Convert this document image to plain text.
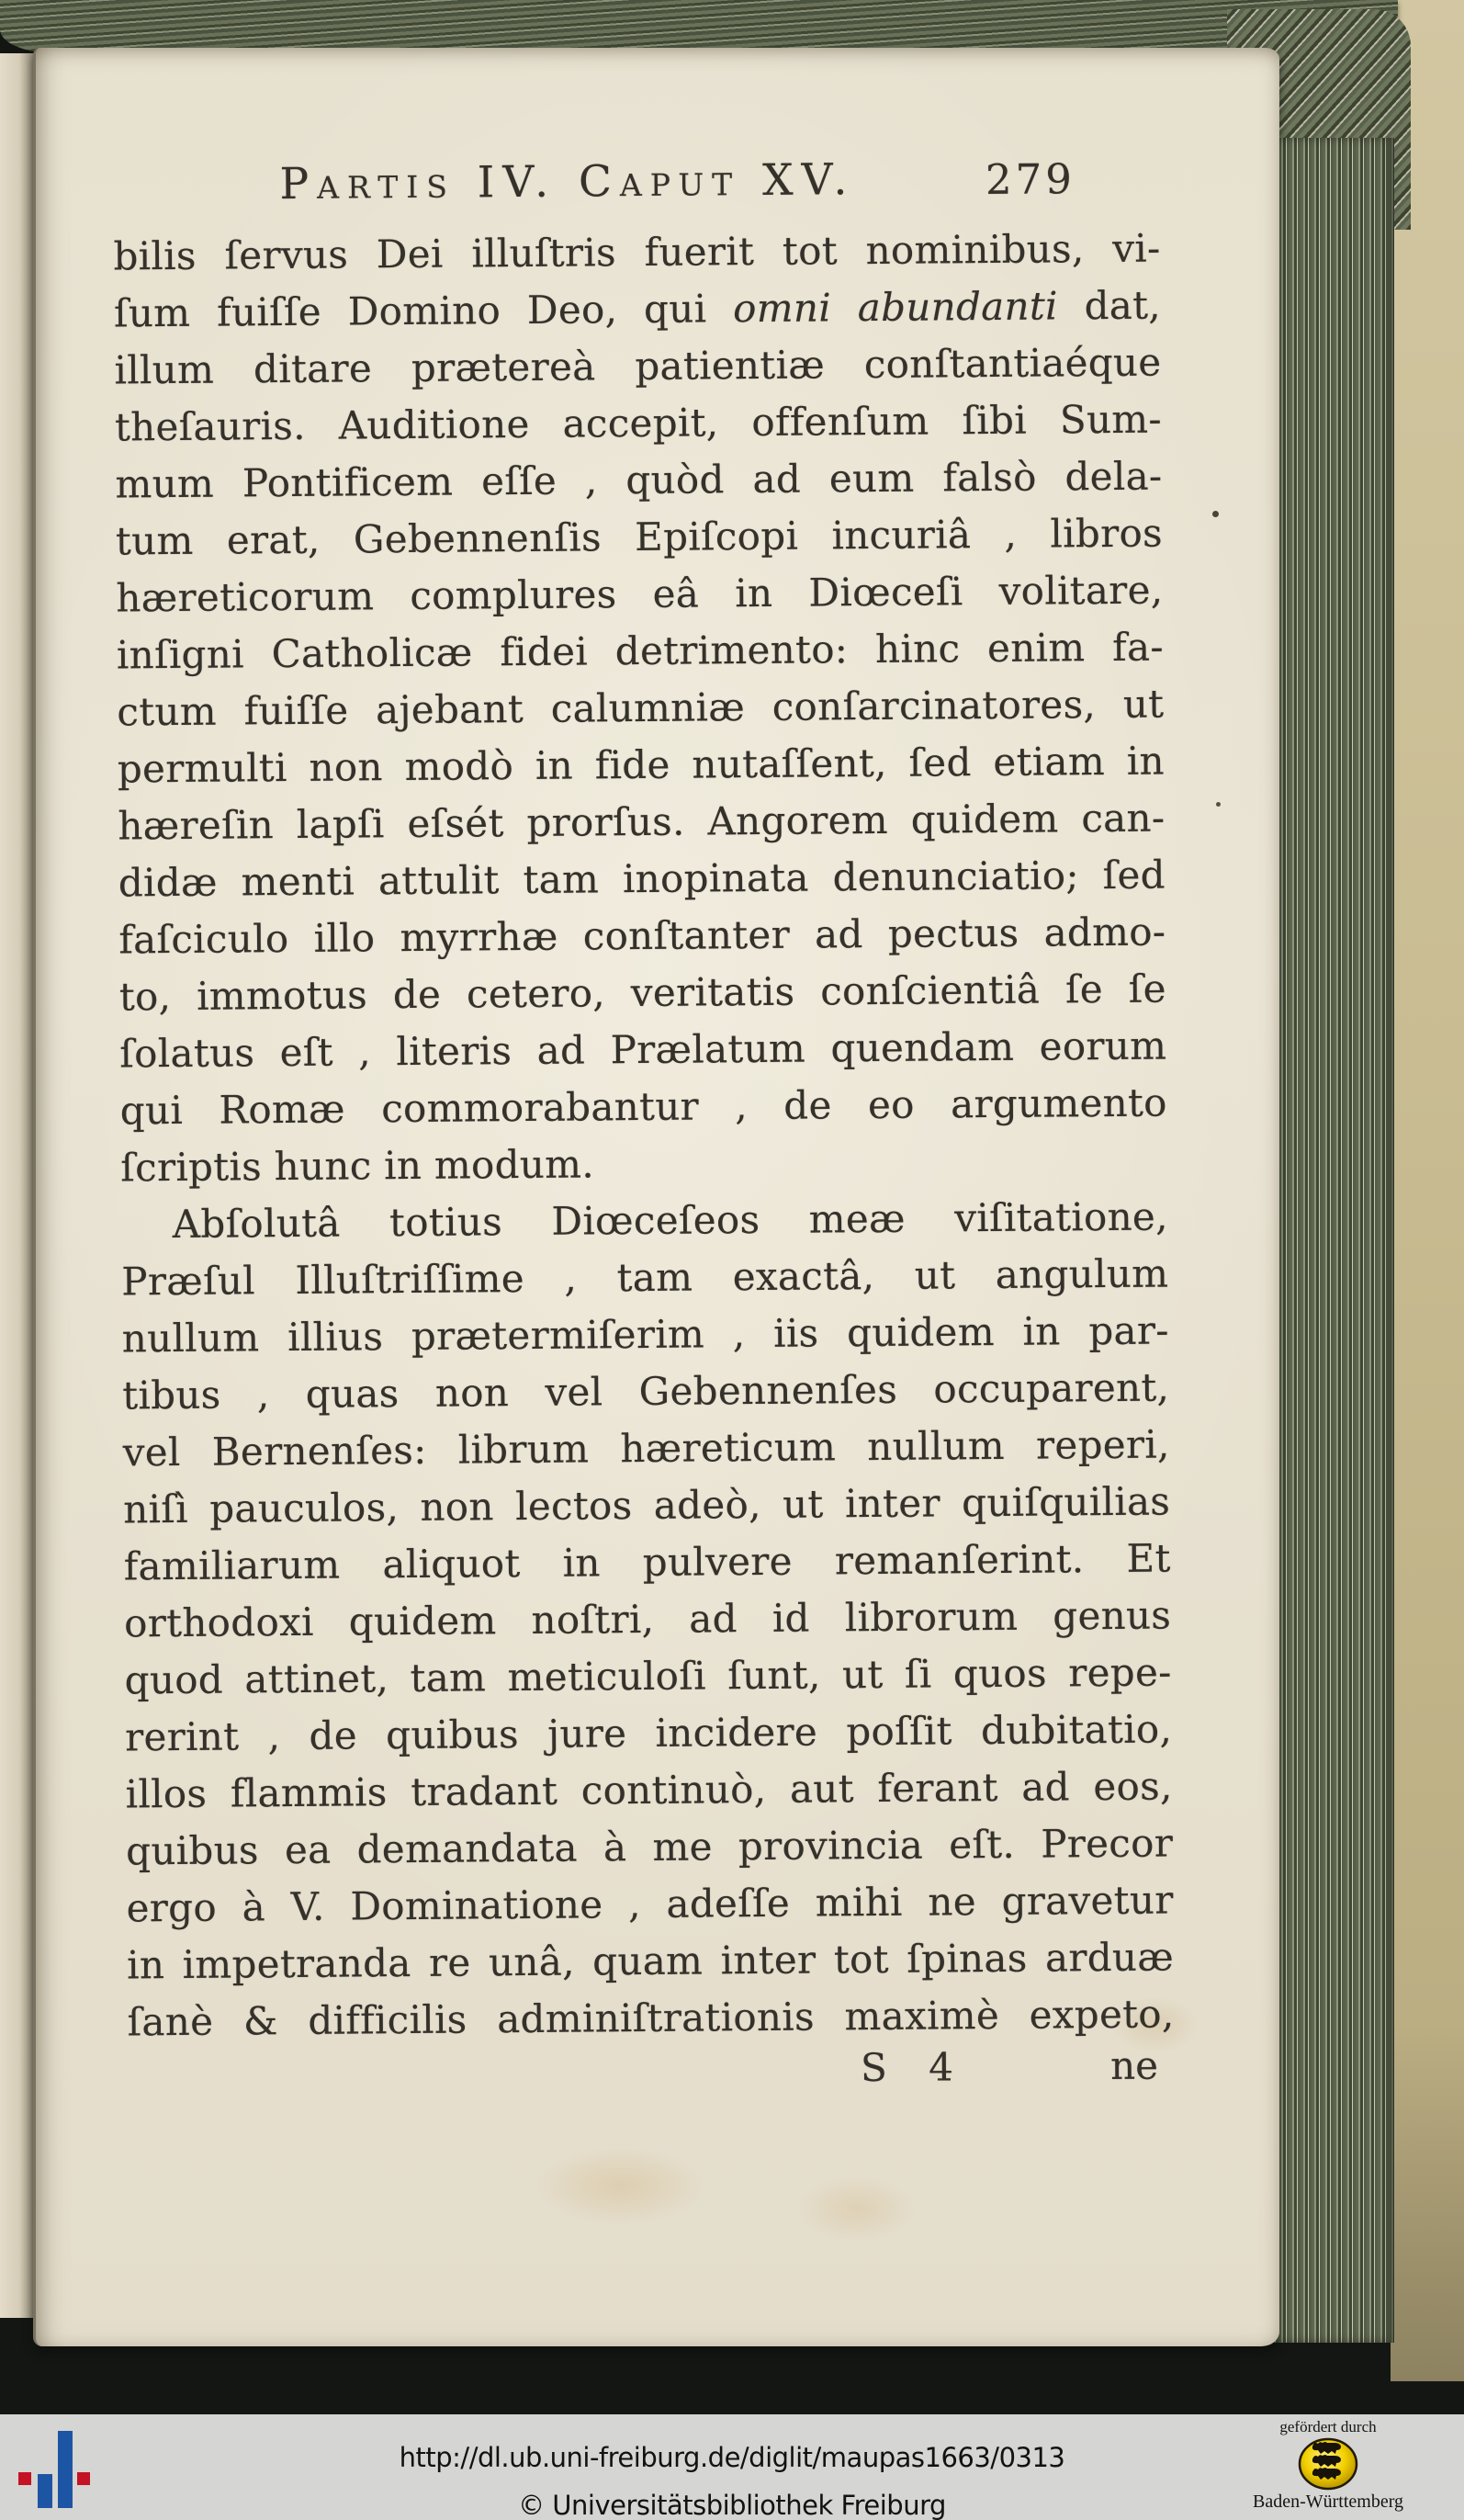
Partis IV. Caput XV.	279
bilis ſervus Dei illuſtris fuerit tot nominibus, vi-
ſum fuiſſe Domino Deo, qui omni abundanti dat,
illum ditare prætereà patientiæ conſtantiaéque
theſauris. Auditione accepit, offenſum ſibi Sum-
mum Pontificem eſſe , quòd ad eum falsò dela-
tum erat, Gebennenſis Epiſcopi incuriâ , libros
hæreticorum complures eâ in Diœceſi volitare,
inſigni Catholicæ fidei detrimento: hinc enim fa-
ctum fuiſſe ajebant calumniæ conſarcinatores, ut
permulti non modò in fide nutaſſent, ſed etiam in
hæreſin lapſi eſsét prorſus. Angorem quidem can-
didæ menti attulit tam inopinata denunciatio; ſed
faſciculo illo myrrhæ conſtanter ad pectus admo-
to, immotus de cetero, veritatis conſcientiâ ſe ſe
ſolatus eſt , literis ad Prælatum quendam eorum
qui Romæ commorabantur , de eo argumento
ſcriptis hunc in modum.
Abſolutâ totius Diœceſeos meæ viſitatione,
Præſul Illuſtriſſime , tam exactâ, ut angulum
nullum illius prætermiſerim , iis quidem in par-
tibus , quas non vel Gebennenſes occuparent,
vel Bernenſes: librum hæreticum nullum reperi,
niſì pauculos, non lectos adeò, ut inter quiſquilias
familiarum aliquot in pulvere remanſerint. Et
orthodoxi quidem noſtri, ad id librorum genus
quod attinet, tam meticuloſi ſunt, ut ſi quos repe-
rerint , de quibus jure incidere poſſit dubitatio,
illos flammis tradant continuò, aut ferant ad eos,
quibus ea demandata à me provincia eſt. Precor
ergo à V. Dominatione , adeſſe mihi ne gravetur
in impetranda re unâ, quam inter tot ſpinas arduæ
ſanè & difficilis adminiſtrationis maximè expeto,
S 4	ne
http://dl.ub.uni-freiburg.de/diglit/maupas1663/0313
© Universitätsbibliothek Freiburg
gefördert durch
Baden-Württemberg
